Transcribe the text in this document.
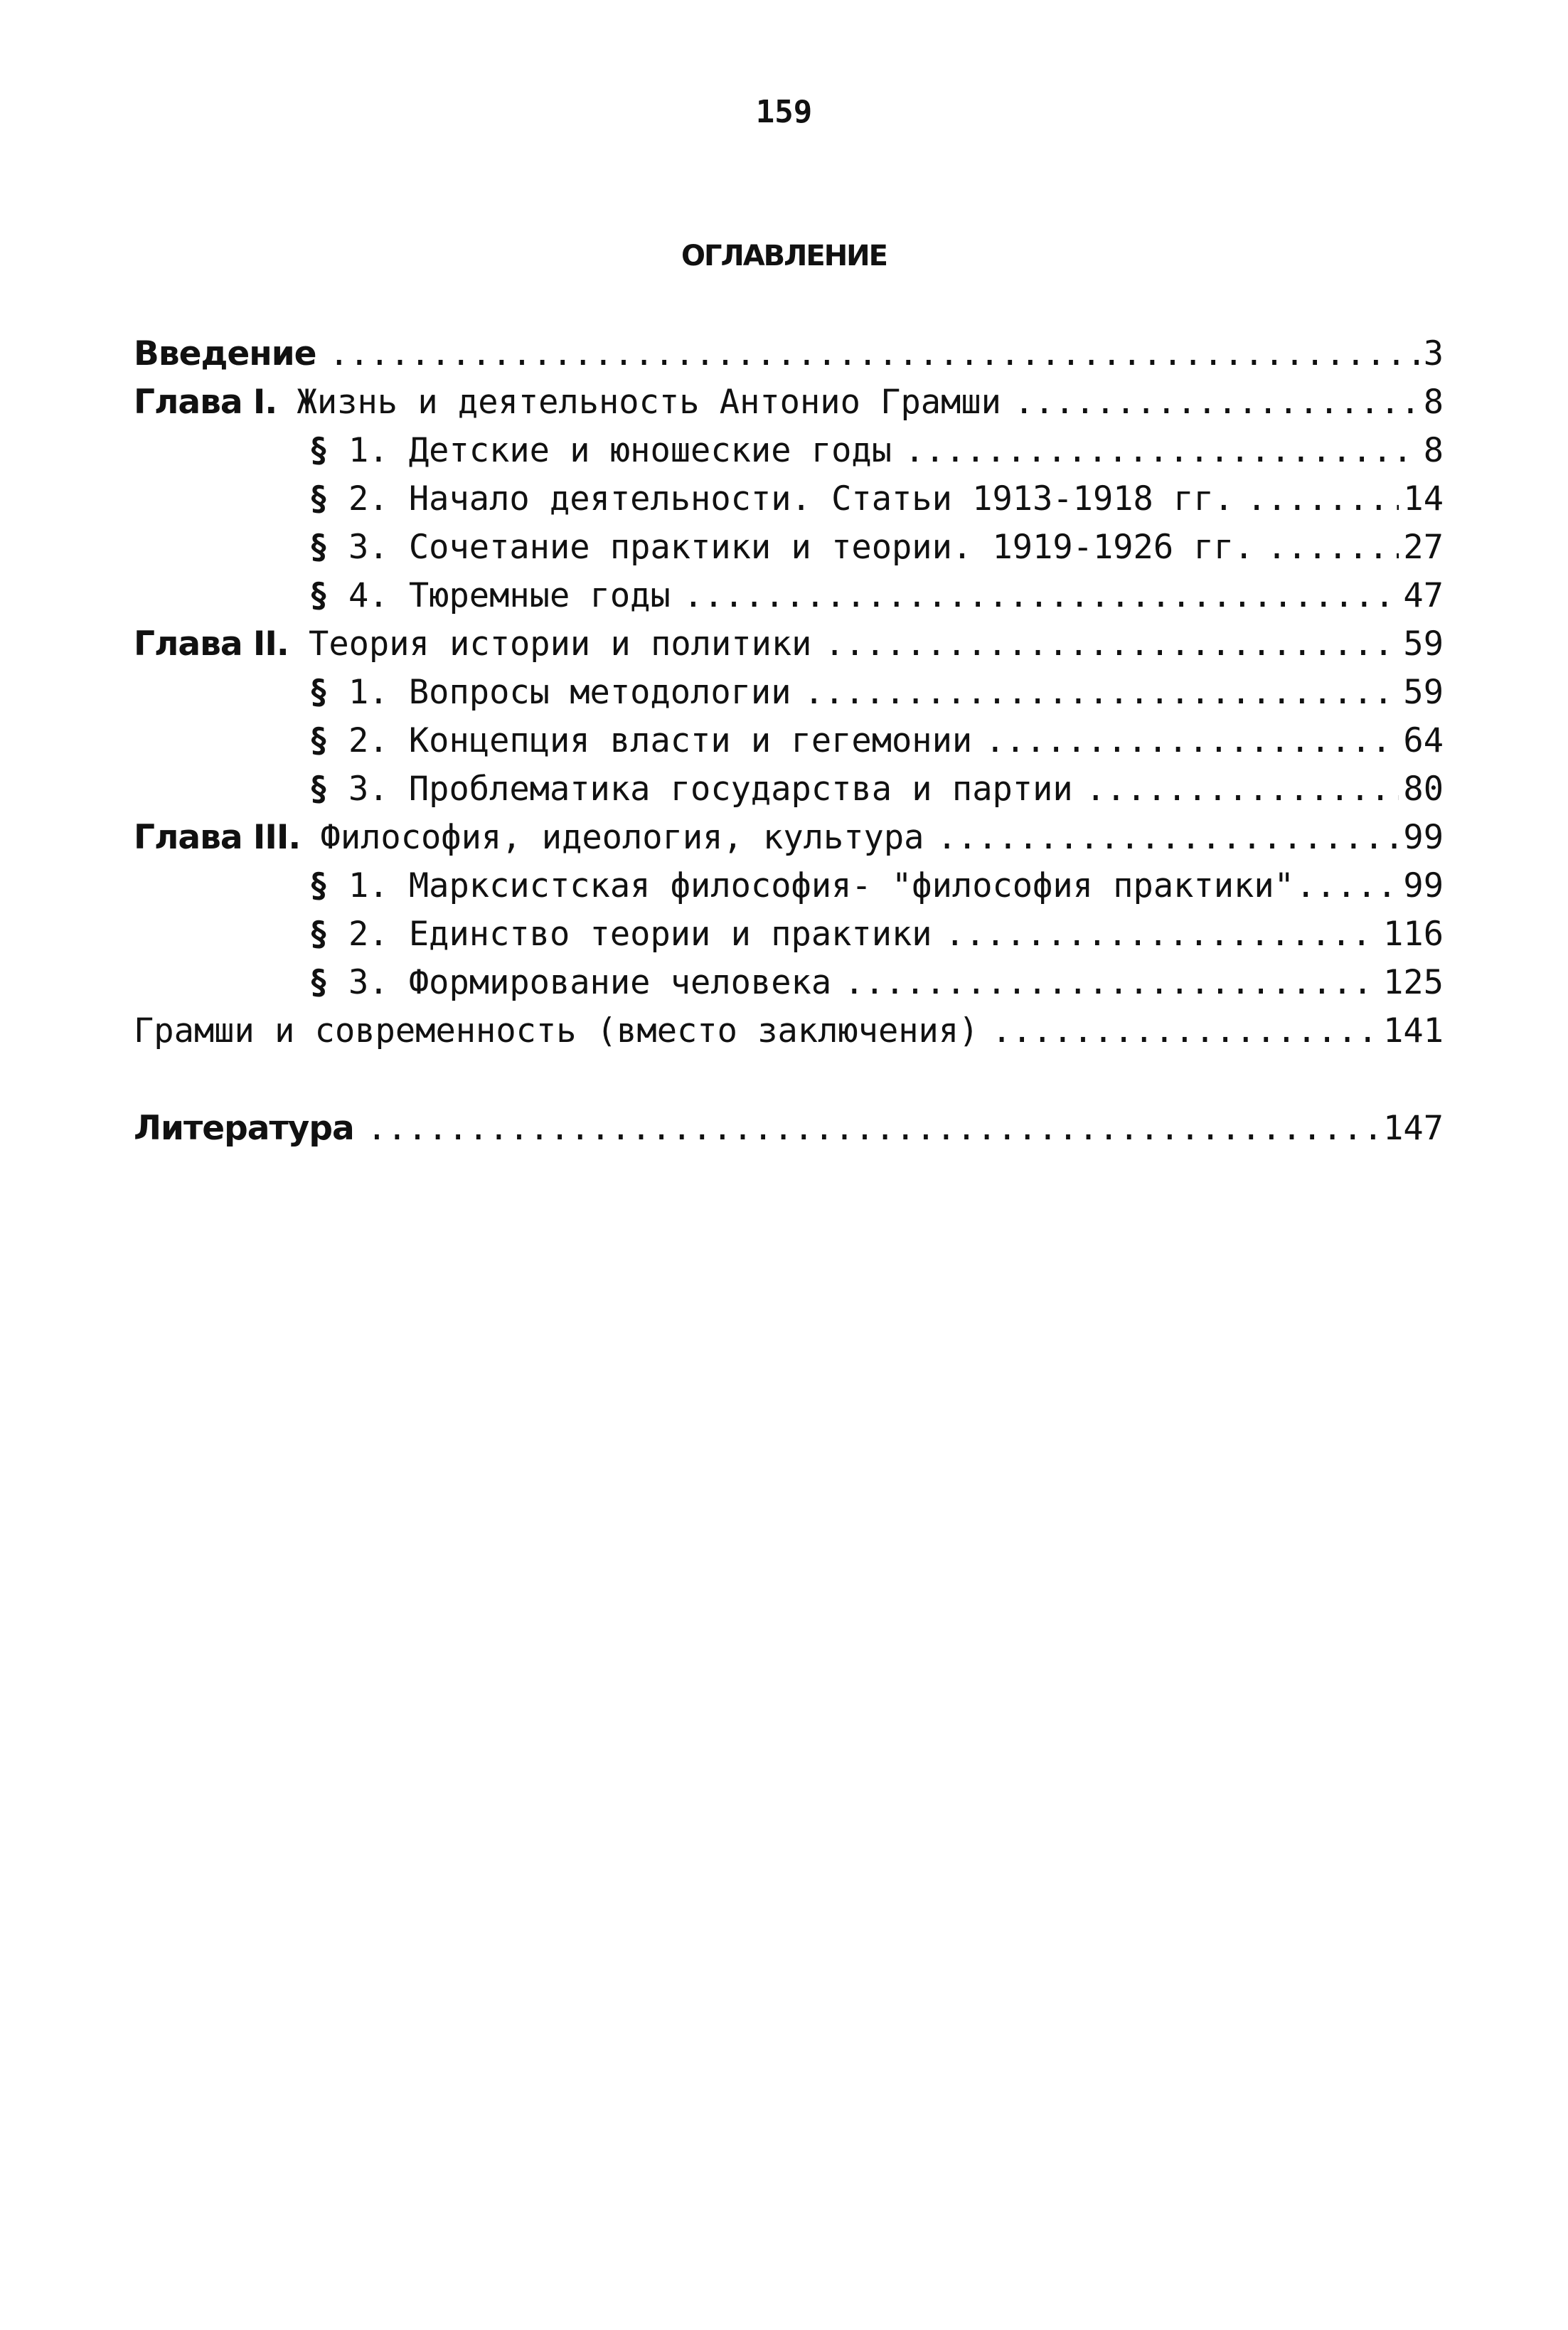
159
ОГЛАВЛЕНИЕ
Введение . . .	3
Глава I. Жизнь и деятельность Антонио Грамши . . .	8
§ 1. Детские и юношеские годы . . .	8
§ 2. Начало деятельности. Статьи 1913-1918 гг. . . .	14
§ 3. Сочетание практики и теории. 1919-1926 гг. . . .	27
§ 4. Тюремные годы . . .	47
Глава II. Теория истории и политики . . .	59
§ 1. Вопросы методологии . . .	59
§ 2. Концепция власти и гегемонии . . .	64
§ 3. Проблематика государства и партии . . .	80
Глава III. Философия, идеология, культура . . .	99
§ 1. Марксистская философия- "философия практики" . . .	99
§ 2. Единство теории и практики . . .	116
§ 3. Формирование человека . . .	125
Грамши и современность (вместо заключения) . . .	141
Литература . . .	147
